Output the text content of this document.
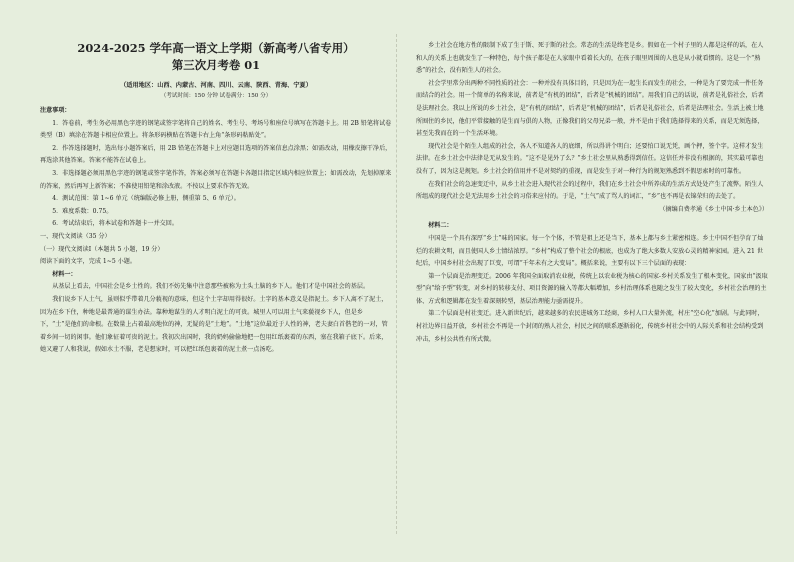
2024-2025 学年高一语文上学期（新高考八省专用）

第三次月考卷 01

（适用地区：山西、内蒙古、河南、四川、云南、陕西、青海、宁夏）

（考试时间：150 分钟 试卷满分：150 分）

注意事项：

1．答卷前，考生务必用黑色字迹的钢笔或签字笔将自己的姓名、考生号、考场号和座位号填写在答题卡上。用 2B 铅笔将试卷类型（B）填涂在答题卡相应位置上。将条形码横贴在答题卡右上角“条形码粘贴处”。

2．作答选择题时，选出每小题答案后，用 2B 铅笔在答题卡上对应题目选项的答案信息点涂黑；如需改动，用橡皮擦干净后，再选涂其他答案。答案不能答在试卷上。

3．非选择题必须用黑色字迹的钢笔或签字笔作答，答案必须写在答题卡各题目指定区域内相应位置上；如需改动，先划掉原来的答案，然后再写上新答案；不准使用铅笔和涂改液。不按以上要求作答无效。

4．测试范围：第 1~6 单元（统编版必修上册，侧重第 5、6 单元）。

5．难度系数：0.75。

6．考试结束后，将本试卷和答题卡一并交回。

一、现代文阅读（35 分）

（一）现代文阅读Ⅰ（本题共 5 小题，19 分）

阅读下面的文字，完成 1~5 小题。

材料一：

从基层上看去，中国社会是乡土性的。我们不妨先集中注意那些被称为土头土脑的乡下人。他们才是中国社会的基层。

我们说乡下人土气，虽则似乎带着几分藐视的意味，但这个土字却用得很好。土字的基本意义是指泥土。乡下人离不了泥土，因为在乡下住，种地是最普通的谋生办法。靠种地谋生的人才明白泥土的可贵。城里人可以用土气来藐视乡下人，但是乡下，“土”是他们的命根。在数量上占着最高地位的神，无疑的是“土地”。“土地”这位最近于人性的神，老夫妻白首偕老的一对，管着乡间一切的闲事。他们象征着可贵的泥土。我初次出国时，我的奶妈偷偷地把一包用红纸裹着的东西，塞在我箱子底下。后来，她又避了人和我说，假如水土不服，老是想家时，可以把红纸包裹着的泥土煮一点汤吃。

乡土社会在地方性的限制下成了生于斯、死于斯的社会。常态的生活是终老是乡。假如在一个村子里的人都是这样的话，在人和人的关系上也就发生了一种特色，每个孩子都是在人家眼中看着长大的，在孩子眼里周围的人也是从小就看惯的。这是一个“熟悉”的社会，没有陌生人的社会。

社会学里常分出两种不同性质的社会：一种并没有具体目的，只是因为在一起生长而发生的社会，一种是为了要完成一件任务而结合的社会。用一个简单的名称来说，前者是“有机的团结”，后者是“机械的团结”。用我们自己的话说，前者是礼俗社会，后者是法理社会。我以上所说的乡土社会，是“有机的团结”，后者是“机械的团结”，后者是礼俗社会，后者是法理社会。生活上被土地所囿住的乡民，他们平常接触的是生而与俱的人物，正像我们的父母兄弟一般，并不是由于我们选择得来的关系，而是无须选择，甚至先我而在的一个生活环境。

现代社会是个陌生人组成的社会，各人不知道各人的底细，所以得讲个明白；还要怕口说无凭，画个押，签个字。这样才发生法律。在乡土社会中法律是无从发生的。“这不是见外了么？”乡土社会里从熟悉得到信任。这信任并非没有根据的，其实最可靠也没有了，因为这是规矩。乡土社会的信用并不是对契约的重视，而是发生于对一种行为的规矩熟悉到不假思索时的可靠性。

在我们社会的急速变迁中，从乡土社会进入现代社会的过程中，我们在乡土社会中所养成的生活方式处处产生了流弊。陌生人所组成的现代社会是无法用乡土社会的习俗来应付的。于是，“土气”成了骂人的词汇，“乡”也不再是衣锦荣归的去处了。

（摘编自费孝通《乡土中国·乡土本色》）

材料二：

中国是一个具有深厚“乡土”味的国家。每一个个体，不管是祖上还是当下，基本上都与乡土紧密相连。乡土中国不但孕育了灿烂的农耕文明，而且使国人乡土情结浓厚。“乡村”构成了整个社会的根底，也成为了绝大多数人安放心灵的精神家园。进入 21 世纪后，中国乡村社会出现了巨变，可谓“千年未有之大变局”。概括来说，主要有以下三个层面的表现：

第一个层面是治理变迁。2006 年我国全面取消农业税，传统上以农业税为核心的国家-乡村关系发生了根本变化，国家由“汲取型”向“给予型”转变，对乡村的转移支付、项目资源的输入等都大幅增加，乡村治理体系也随之发生了较大变化，乡村社会治理的主体、方式和逻辑都在发生着深刻转型，基层治理能力亟需提升。

第二个层面是村社变迁。进入新世纪后，越来越多的农民进城务工经商，乡村人口大量外流，村庄“空心化”加剧。与此同时，村社边界日益开放，乡村社会不再是一个封闭的熟人社会，村民之间的联系逐渐弱化，传统乡村社会中的人际关系和社会结构受到冲击，乡村公共性有所式微。
